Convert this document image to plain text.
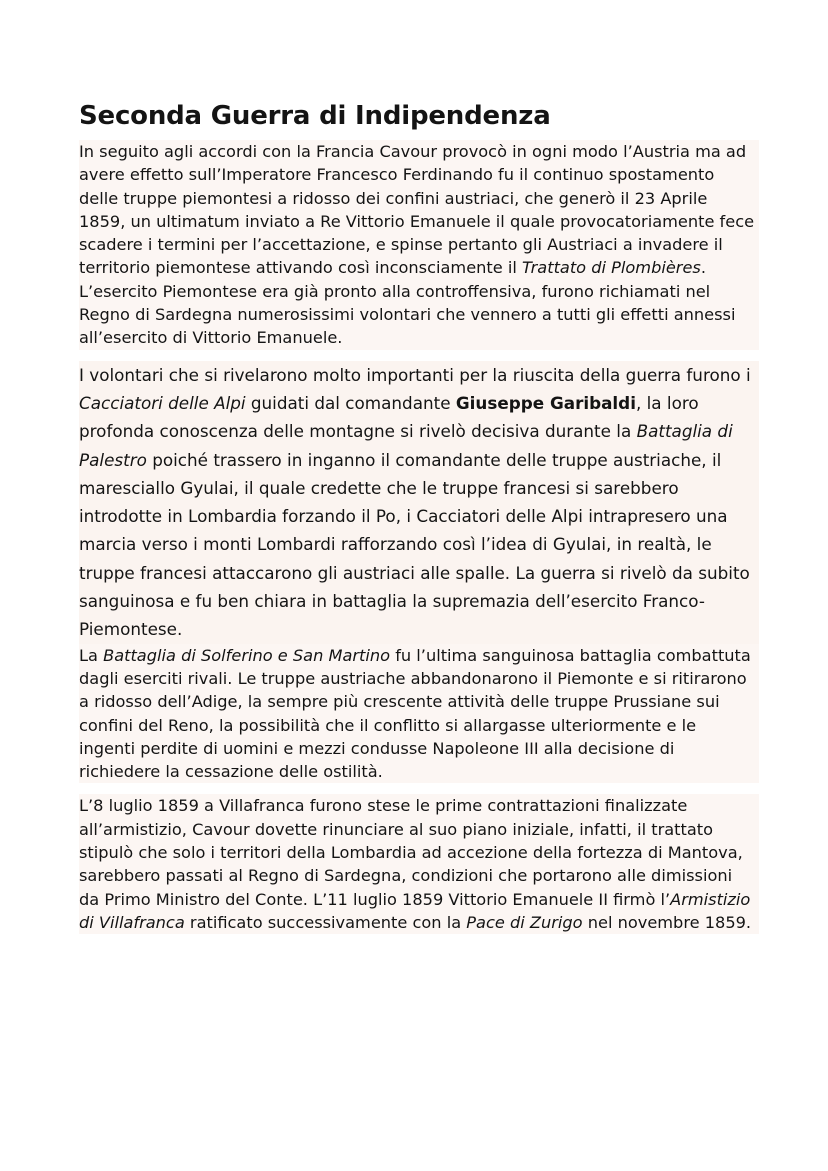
Seconda Guerra di Indipendenza

In seguito agli accordi con la Francia Cavour provocò in ogni modo l’Austria ma ad avere effetto sull’Imperatore Francesco Ferdinando fu il continuo spostamento delle truppe piemontesi a ridosso dei confini austriaci, che generò il 23 Aprile 1859, un ultimatum inviato a Re Vittorio Emanuele il quale provocatoriamente fece scadere i termini per l’accettazione, e spinse pertanto gli Austriaci a invadere il territorio piemontese attivando così inconsciamente il Trattato di Plombières. L’esercito Piemontese era già pronto alla controffensiva, furono richiamati nel Regno di Sardegna numerosissimi volontari che vennero a tutti gli effetti annessi all’esercito di Vittorio Emanuele.

I volontari che si rivelarono molto importanti per la riuscita della guerra furono i Cacciatori delle Alpi guidati dal comandante Giuseppe Garibaldi, la loro profonda conoscenza delle montagne si rivelò decisiva durante la Battaglia di Palestro poiché trassero in inganno il comandante delle truppe austriache, il maresciallo Gyulai, il quale credette che le truppe francesi si sarebbero introdotte in Lombardia forzando il Po, i Cacciatori delle Alpi intrapresero una marcia verso i monti Lombardi rafforzando così l’idea di Gyulai, in realtà, le truppe francesi attaccarono gli austriaci alle spalle. La guerra si rivelò da subito sanguinosa e fu ben chiara in battaglia la supremazia dell’esercito Franco-Piemontese.

La Battaglia di Solferino e San Martino fu l’ultima sanguinosa battaglia combattuta dagli eserciti rivali. Le truppe austriache abbandonarono il Piemonte e si ritirarono a ridosso dell’Adige, la sempre più crescente attività delle truppe Prussiane sui confini del Reno, la possibilità che il conflitto si allargasse ulteriormente e le ingenti perdite di uomini e mezzi condusse Napoleone III alla decisione di richiedere la cessazione delle ostilità.

L’8 luglio 1859 a Villafranca furono stese le prime contrattazioni finalizzate all’armistizio, Cavour dovette rinunciare al suo piano iniziale, infatti, il trattato stipulò che solo i territori della Lombardia ad accezione della fortezza di Mantova, sarebbero passati al Regno di Sardegna, condizioni che portarono alle dimissioni da Primo Ministro del Conte. L’11 luglio 1859 Vittorio Emanuele II firmò l’Armistizio di Villafranca ratificato successivamente con la Pace di Zurigo nel novembre 1859.
